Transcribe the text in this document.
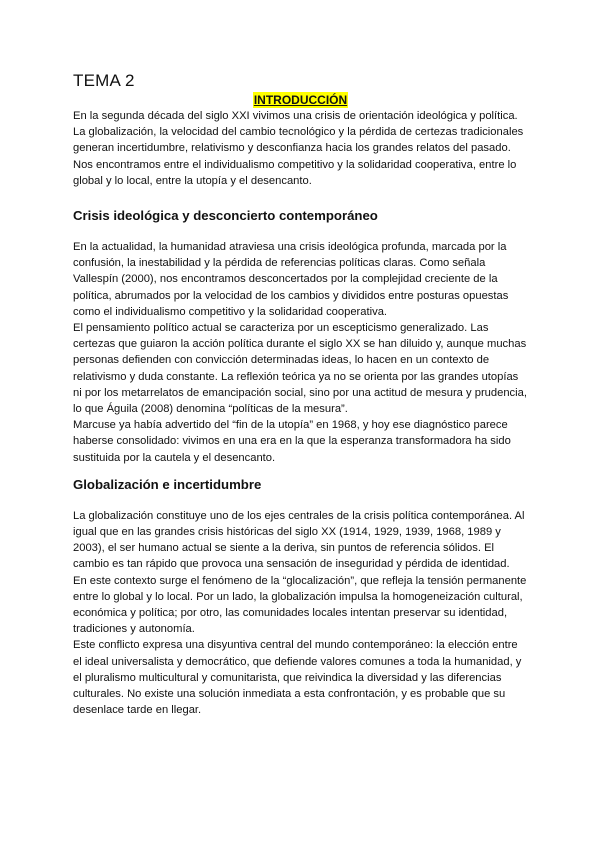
TEMA 2
INTRODUCCIÓN

En la segunda década del siglo XXI vivimos una crisis de orientación ideológica y política. La globalización, la velocidad del cambio tecnológico y la pérdida de certezas tradicionales generan incertidumbre, relativismo y desconfianza hacia los grandes relatos del pasado. Nos encontramos entre el individualismo competitivo y la solidaridad cooperativa, entre lo global y lo local, entre la utopía y el desencanto.

Crisis ideológica y desconcierto contemporáneo

En la actualidad, la humanidad atraviesa una crisis ideológica profunda, marcada por la confusión, la inestabilidad y la pérdida de referencias políticas claras. Como señala Vallespín (2000), nos encontramos desconcertados por la complejidad creciente de la política, abrumados por la velocidad de los cambios y divididos entre posturas opuestas como el individualismo competitivo y la solidaridad cooperativa.

El pensamiento político actual se caracteriza por un escepticismo generalizado. Las certezas que guiaron la acción política durante el siglo XX se han diluido y, aunque muchas personas defienden con convicción determinadas ideas, lo hacen en un contexto de relativismo y duda constante. La reflexión teórica ya no se orienta por las grandes utopías ni por los metarrelatos de emancipación social, sino por una actitud de mesura y prudencia, lo que Águila (2008) denomina “políticas de la mesura”.

Marcuse ya había advertido del “fin de la utopía” en 1968, y hoy ese diagnóstico parece haberse consolidado: vivimos en una era en la que la esperanza transformadora ha sido sustituida por la cautela y el desencanto.

Globalización e incertidumbre

La globalización constituye uno de los ejes centrales de la crisis política contemporánea. Al igual que en las grandes crisis históricas del siglo XX (1914, 1929, 1939, 1968, 1989 y 2003), el ser humano actual se siente a la deriva, sin puntos de referencia sólidos. El cambio es tan rápido que provoca una sensación de inseguridad y pérdida de identidad.

En este contexto surge el fenómeno de la “glocalización”, que refleja la tensión permanente entre lo global y lo local. Por un lado, la globalización impulsa la homogeneización cultural, económica y política; por otro, las comunidades locales intentan preservar su identidad, tradiciones y autonomía.

Este conflicto expresa una disyuntiva central del mundo contemporáneo: la elección entre el ideal universalista y democrático, que defiende valores comunes a toda la humanidad, y el pluralismo multicultural y comunitarista, que reivindica la diversidad y las diferencias culturales. No existe una solución inmediata a esta confrontación, y es probable que su desenlace tarde en llegar.
